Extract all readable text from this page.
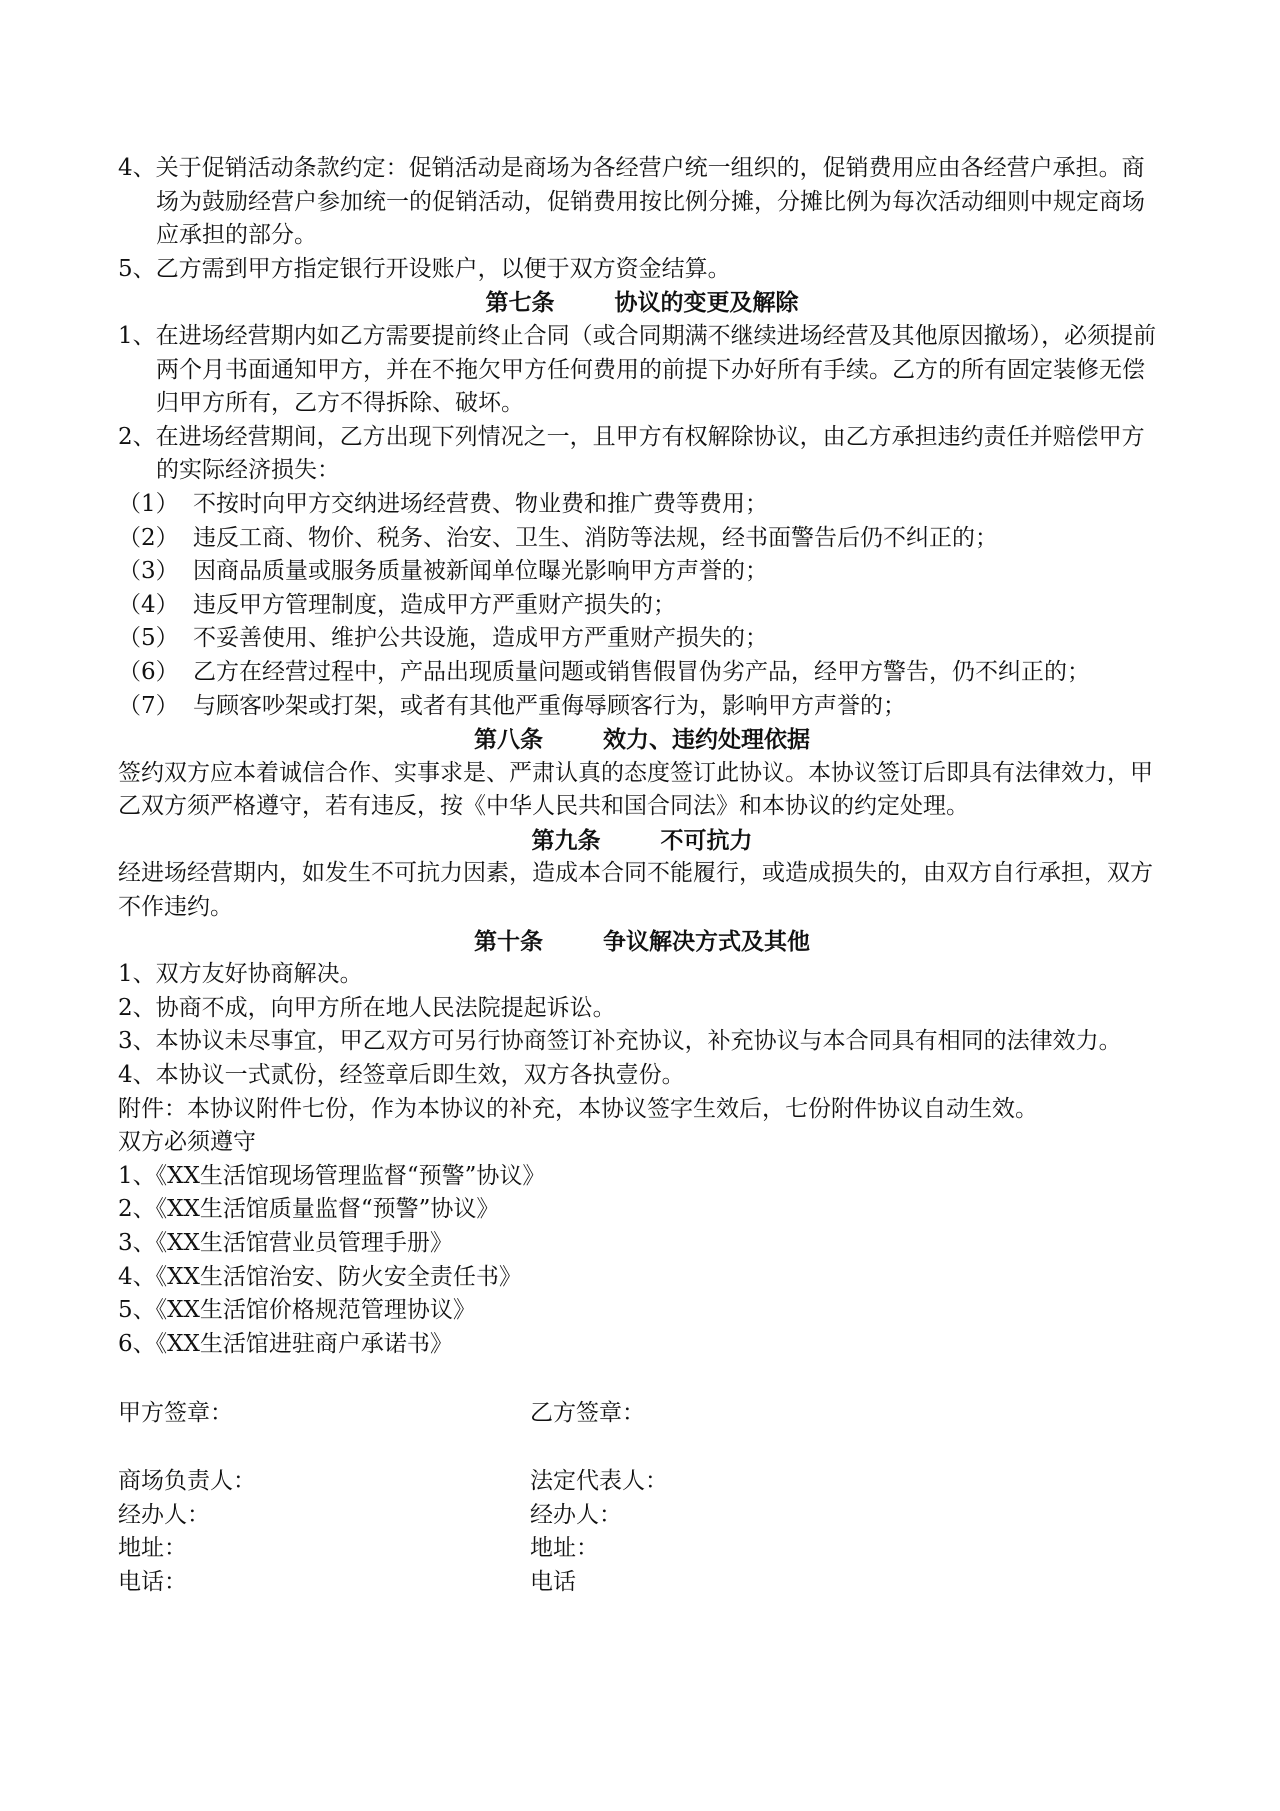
4、关于促销活动条款约定：促销活动是商场为各经营户统一组织的，促销费用应由各经营户承担。商场为鼓励经营户参加统一的促销活动，促销费用按比例分摊，分摊比例为每次活动细则中规定商场应承担的部分。

5、乙方需到甲方指定银行开设账户，以便于双方资金结算。

第七条	协议的变更及解除

1、在进场经营期内如乙方需要提前终止合同（或合同期满不继续进场经营及其他原因撤场），必须提前两个月书面通知甲方，并在不拖欠甲方任何费用的前提下办好所有手续。乙方的所有固定装修无偿归甲方所有，乙方不得拆除、破坏。

2、在进场经营期间，乙方出现下列情况之一，且甲方有权解除协议，由乙方承担违约责任并赔偿甲方的实际经济损失：

（1） 不按时向甲方交纳进场经营费、物业费和推广费等费用；
（2） 违反工商、物价、税务、治安、卫生、消防等法规，经书面警告后仍不纠正的；
（3） 因商品质量或服务质量被新闻单位曝光影响甲方声誉的；
（4） 违反甲方管理制度，造成甲方严重财产损失的；
（5） 不妥善使用、维护公共设施，造成甲方严重财产损失的；
（6） 乙方在经营过程中，产品出现质量问题或销售假冒伪劣产品，经甲方警告，仍不纠正的；
（7） 与顾客吵架或打架，或者有其他严重侮辱顾客行为，影响甲方声誉的；

第八条	效力、违约处理依据

签约双方应本着诚信合作、实事求是、严肃认真的态度签订此协议。本协议签订后即具有法律效力，甲乙双方须严格遵守，若有违反，按《中华人民共和国合同法》和本协议的约定处理。

第九条	不可抗力

经进场经营期内，如发生不可抗力因素，造成本合同不能履行，或造成损失的，由双方自行承担，双方不作违约。

第十条	争议解决方式及其他

1、双方友好协商解决。

2、协商不成，向甲方所在地人民法院提起诉讼。

3、本协议未尽事宜，甲乙双方可另行协商签订补充协议，补充协议与本合同具有相同的法律效力。

4、本协议一式贰份，经签章后即生效，双方各执壹份。

附件：本协议附件七份，作为本协议的补充，本协议签字生效后，七份附件协议自动生效。

双方必须遵守

1、《XX生活馆现场管理监督“预警”协议》

2、《XX生活馆质量监督“预警”协议》

3、《XX生活馆营业员管理手册》

4、《XX生活馆治安、防火安全责任书》

5、《XX生活馆价格规范管理协议》

6、《XX生活馆进驻商户承诺书》

甲方签章：	乙方签章：
商场负责人：	法定代表人：
经办人：	经办人：
地址：	地址：
电话：	电话
